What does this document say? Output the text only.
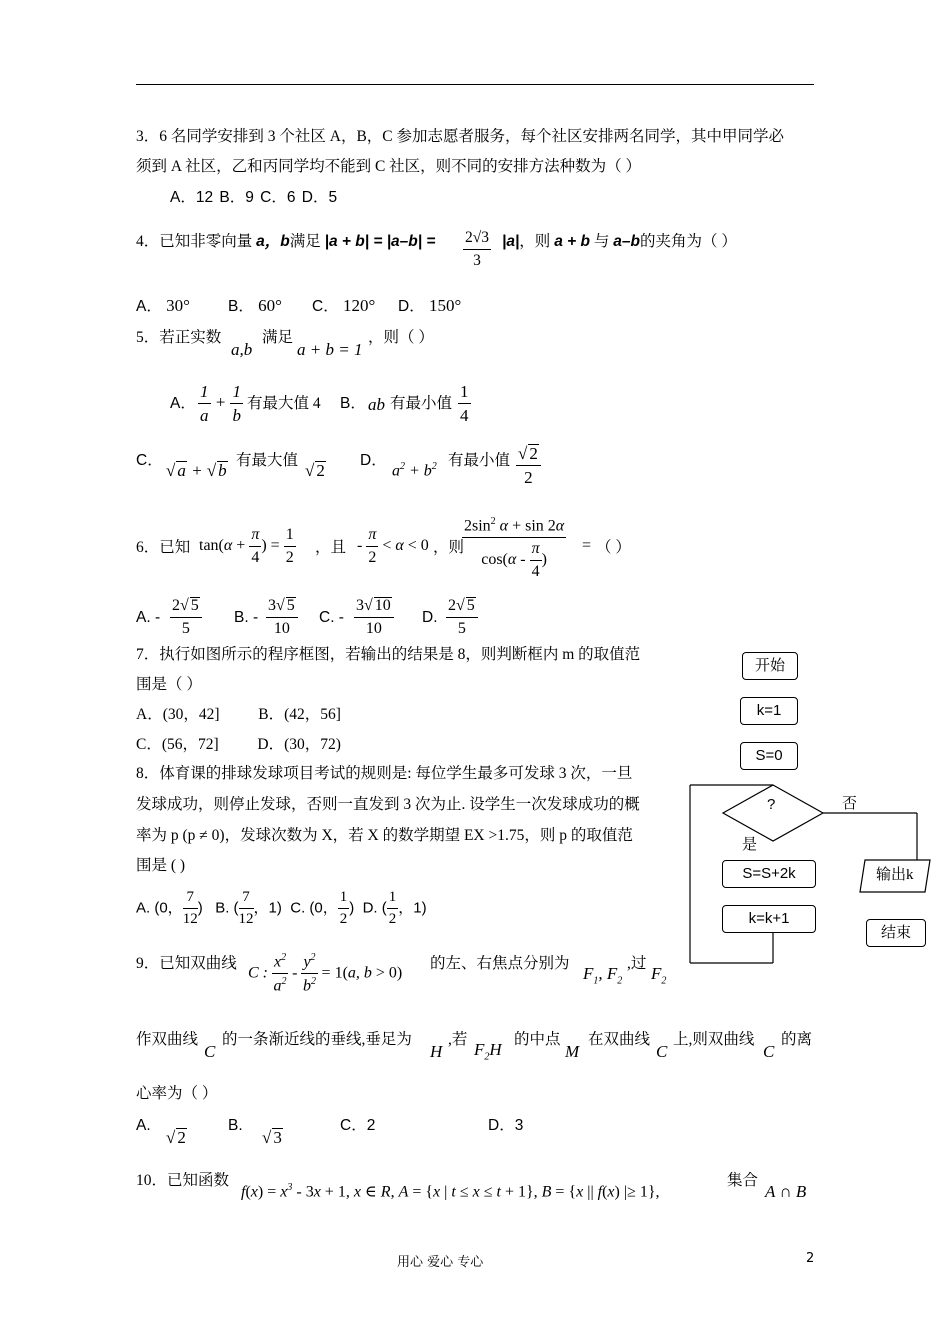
3．6 名同学安排到 3 个社区 A，B，C 参加志愿者服务，每个社区安排两名同学，其中甲同学必
须到 A 社区，乙和丙同学均不能到 C 社区，则不同的安排方法种数为（ ）
A．12 B．9 C．6 D．5
4．已知非零向量 a，b满足 $|a + b| = |a-b| = \frac{2√3}{3} |a|$，则 a + b 与 a–b的夹角为（ ）
A． 30° B． 60° C． 120° D． 150°
5．若正实数
a,b
满足
a + b = 1
，则（ ）
A． $\frac{1}{a} + \frac{1}{b}$ 有最大值 4 B． ab 有最小值 $\frac{1}{4}$
C．
√ a + √ b
有最大值
√ 2
D．
$a^2 + b^2$ 有最小值 $\frac{√ 2}{2}$
6．已知 $\tan(\alpha + \frac{\pi}{4}$ ) = $\frac{1}{2}$ ，且 - $\frac{\pi}{2} < \alpha < 0$ ，则
$\frac{2\sin^2 \alpha + \sin 2\alpha}{\cos(\alpha - \frac{\pi}{4} )}$ = （ ）
A. - $\frac{2√ 5}{5} B$. - $\frac{3√ 5}{10} C$. - $\frac{3√ 10}{10} D$. $\frac{2√ 5}{5}$
7．执行如图所示的程序框图，若输出的结果是 8，则判断框内 m 的取值范
围是（ ）
A．(30，42]          B．(42，56]
C．(56，72]          D．(30，72)
8．体育课的排球发球项目考试的规则是: 每位学生最多可发球 3 次，一旦
发球成功，则停止发球，否则一直发到 3 次为止. 设学生一次发球成功的概
率为 p (p ≠ 0)，发球次数为 X，若 X 的数学期望 EX >1.75，则 p 的取值范
围是 ( )
A. (0， $\frac{7}{12}$ ) B. ( $\frac{7}{12}$ ，1) C. (0， $\frac{1}{2}$ ) D. ( $\frac{1}{2}$ ，1)
开始
k=1
S=0
?	否
是
S=S+2k
k=k+1
输出k
结束
9．已知双曲线
C : $\frac{x^2}{a^2} - \frac{y^2}{b^2} = 1(a$, b > 0)
的左、右焦点分别为
$F_1$, $F_2$
,过
$F_2$
作双曲线
C
的一条渐近线的垂线,垂足为
H
,若
$F_2H$
的中点
M
在双曲线
C
上,则双曲线
C
的离
心率为（ ）
A.
√ 2
B.
√ 3
C．2	D．3
10．已知函数
$f(x) = x^3 - 3x + 1$, x ∈ R, A = {x | t ≤ x ≤ t + 1}, B = {x || f(x) |≥ 1},
集合
A ∩ B
用心 爱心 专心	2
